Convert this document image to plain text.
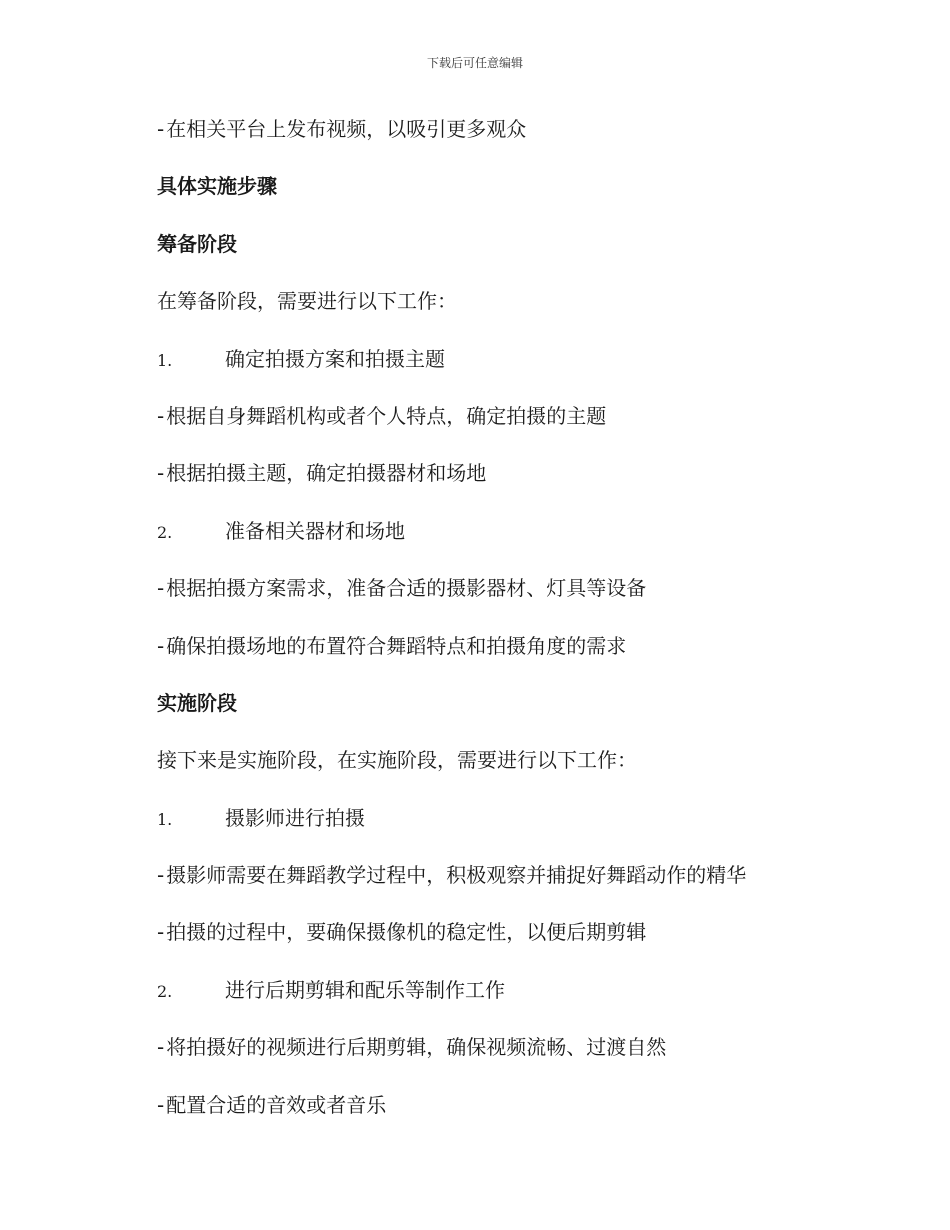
下载后可任意编辑
- 在相关平台上发布视频，以吸引更多观众
具体实施步骤
筹备阶段
在筹备阶段，需要进行以下工作：
1.	确定拍摄方案和拍摄主题
- 根据自身舞蹈机构或者个人特点，确定拍摄的主题
- 根据拍摄主题，确定拍摄器材和场地
2.	准备相关器材和场地
- 根据拍摄方案需求，准备合适的摄影器材、灯具等设备
- 确保拍摄场地的布置符合舞蹈特点和拍摄角度的需求
实施阶段
接下来是实施阶段，在实施阶段，需要进行以下工作：
1.	摄影师进行拍摄
- 摄影师需要在舞蹈教学过程中，积极观察并捕捉好舞蹈动作的精华
- 拍摄的过程中，要确保摄像机的稳定性，以便后期剪辑
2.	进行后期剪辑和配乐等制作工作
- 将拍摄好的视频进行后期剪辑，确保视频流畅、过渡自然
- 配置合适的音效或者音乐
